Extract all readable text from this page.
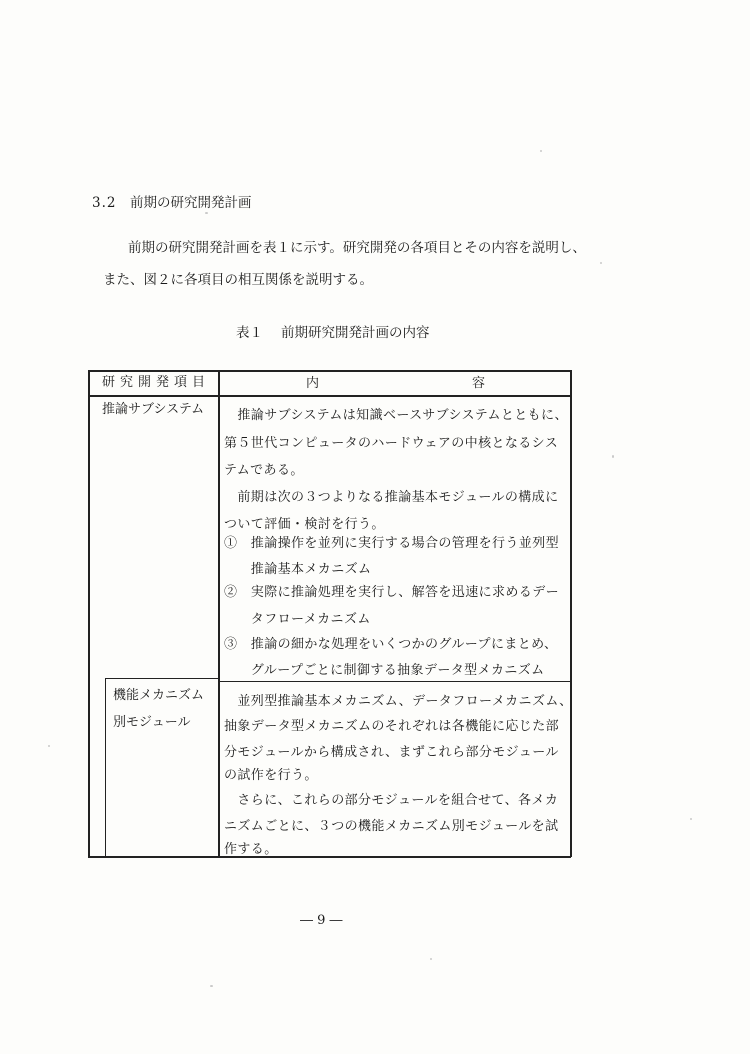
3.2 前期の研究開発計画
前期の研究開発計画を表１に示す。研究開発の各項目とその内容を説明し、
また、図２に各項目の相互関係を説明する。
表１ 前期研究開発計画の内容
研究開発項目	内	容
推論サブシステム 　推論サブシステムは知識ベースサブシステムとともに、
第５世代コンピュータのハードウェアの中核となるシス
テムである。
　前期は次の３つよりなる推論基本モジュールの構成に
ついて評価・検討を行う。
①　推論操作を並列に実行する場合の管理を行う並列型
　　推論基本メカニズム
②　実際に推論処理を実行し、解答を迅速に求めるデー
　　タフローメカニズム
③　推論の細かな処理をいくつかのグループにまとめ、
　　グループごとに制御する抽象データ型メカニズム
機能メカニズム
別モジュール
　並列型推論基本メカニズム、データフローメカニズム、
抽象データ型メカニズムのそれぞれは各機能に応じた部
分モジュールから構成され、まずこれら部分モジュール
の試作を行う。
　さらに、これらの部分モジュールを組合せて、各メカ
ニズムごとに、３つの機能メカニズム別モジュールを試
作する。
― 9 ―
